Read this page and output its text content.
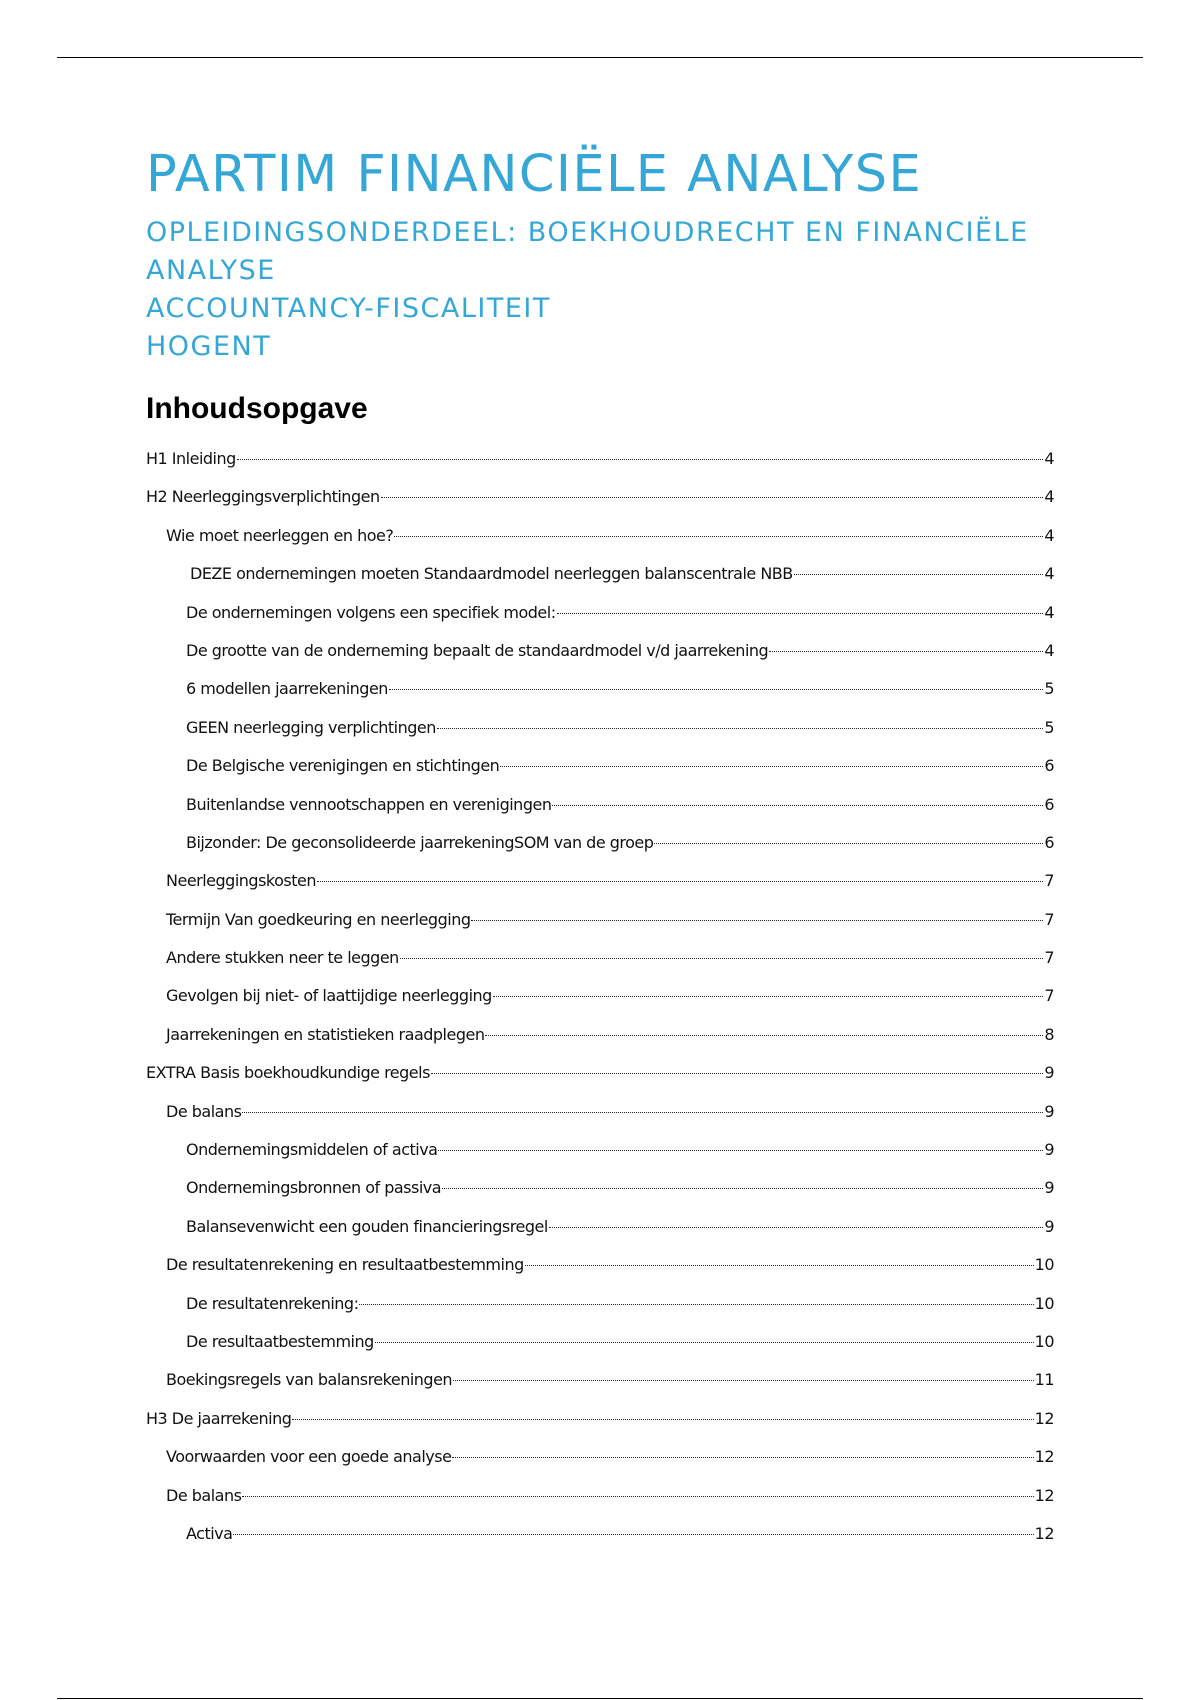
PARTIM FINANCIËLE ANALYSE

OPLEIDINGSONDERDEEL: BOEKHOUDRECHT EN FINANCIËLE

ANALYSE

ACCOUNTANCY-FISCALITEIT

HOGENT

Inhoudsopgave
H1 Inleiding	4
H2 Neerleggingsverplichtingen	4
Wie moet neerleggen en hoe?	4
DEZE ondernemingen moeten Standaardmodel neerleggen balanscentrale NBB	4
De ondernemingen volgens een specifiek model:	4
De grootte van de onderneming bepaalt de standaardmodel v/d jaarrekening	4
6 modellen jaarrekeningen	5
GEEN neerlegging verplichtingen	5
De Belgische verenigingen en stichtingen	6
Buitenlandse vennootschappen en verenigingen	6
Bijzonder: De geconsolideerde jaarrekeningSOM van de groep	6
Neerleggingskosten	7
Termijn Van goedkeuring en neerlegging	7
Andere stukken neer te leggen	7
Gevolgen bij niet- of laattijdige neerlegging	7
Jaarrekeningen en statistieken raadplegen	8
EXTRA Basis boekhoudkundige regels	9
De balans	9
Ondernemingsmiddelen of activa	9
Ondernemingsbronnen of passiva	9
Balansevenwicht een gouden financieringsregel	9
De resultatenrekening en resultaatbestemming	10
De resultatenrekening:	10
De resultaatbestemming	10
Boekingsregels van balansrekeningen	11
H3 De jaarrekening	12
Voorwaarden voor een goede analyse	12
De balans	12
Activa	12
